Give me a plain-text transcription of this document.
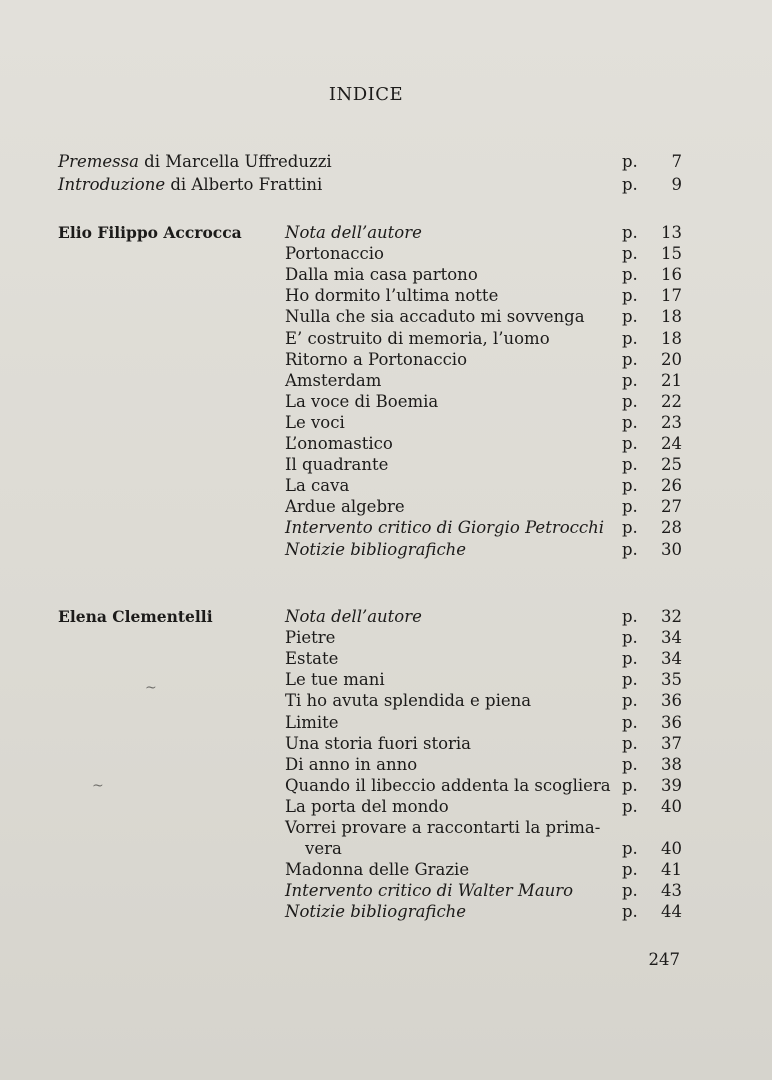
INDICE
Premessa di Marcella Uffreduzzi	p.	7
Introduzione di Alberto Frattini	p.	9
Elio Filippo Accrocca	Nota dell’autore	p.	13
Portonaccio	p.	15
Dalla mia casa partono	p.	16
Ho dormito l’ultima notte	p.	17
Nulla che sia accaduto mi sovvenga p.	18
E’ costruito di memoria, l’uomo	p.	18
Ritorno a Portonaccio	p.	20
Amsterdam	p.	21
La voce di Boemia	p.	22
Le voci	p.	23
L’onomastico	p.	24
Il quadrante	p.	25
La cava	p.	26
Ardue algebre	p.	27
Intervento critico di Giorgio Petrocchi p.	28
Notizie bibliografiche	p.	30
Elena Clementelli	Nota dell’autore	p.	32
Pietre	p.	34
Estate	p.	34
Le tue mani	p.	35
Ti ho avuta splendida e piena	p.	36
Limite	p.	36
Una storia fuori storia	p.	37
Di anno in anno	p.	38
Quando il libeccio addenta la scogliera p.	39
La porta del mondo	p.	40
Vorrei provare a raccontarti la prima-
vera	p.	40
Madonna delle Grazie	p.	41
Intervento critico di Walter Mauro	p.	43
Notizie bibliografiche	p.	44
247
~
~
